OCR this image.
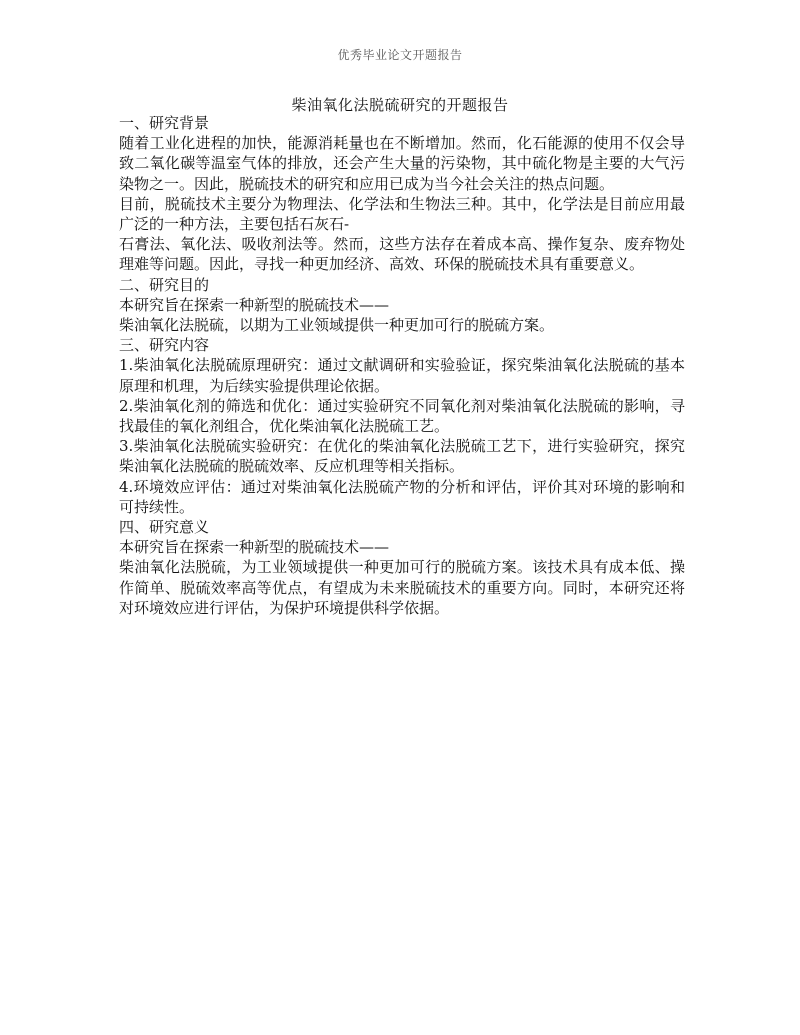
优秀毕业论文开题报告
柴油氧化法脱硫研究的开题报告

一、研究背景

随着工业化进程的加快，能源消耗量也在不断增加。然而，化石能源的使用不仅会导致二氧化碳等温室气体的排放，还会产生大量的污染物，其中硫化物是主要的大气污染物之一。因此，脱硫技术的研究和应用已成为当今社会关注的热点问题。

目前，脱硫技术主要分为物理法、化学法和生物法三种。其中，化学法是目前应用最广泛的一种方法，主要包括石灰石-

石膏法、氧化法、吸收剂法等。然而，这些方法存在着成本高、操作复杂、废弃物处理难等问题。因此，寻找一种更加经济、高效、环保的脱硫技术具有重要意义。

二、研究目的

本研究旨在探索一种新型的脱硫技术——

柴油氧化法脱硫，以期为工业领域提供一种更加可行的脱硫方案。

三、研究内容

1.柴油氧化法脱硫原理研究：通过文献调研和实验验证，探究柴油氧化法脱硫的基本原理和机理，为后续实验提供理论依据。

2.柴油氧化剂的筛选和优化：通过实验研究不同氧化剂对柴油氧化法脱硫的影响，寻找最佳的氧化剂组合，优化柴油氧化法脱硫工艺。

3.柴油氧化法脱硫实验研究：在优化的柴油氧化法脱硫工艺下，进行实验研究，探究柴油氧化法脱硫的脱硫效率、反应机理等相关指标。

4.环境效应评估：通过对柴油氧化法脱硫产物的分析和评估，评价其对环境的影响和可持续性。

四、研究意义

本研究旨在探索一种新型的脱硫技术——

柴油氧化法脱硫，为工业领域提供一种更加可行的脱硫方案。该技术具有成本低、操作简单、脱硫效率高等优点，有望成为未来脱硫技术的重要方向。同时，本研究还将对环境效应进行评估，为保护环境提供科学依据。
